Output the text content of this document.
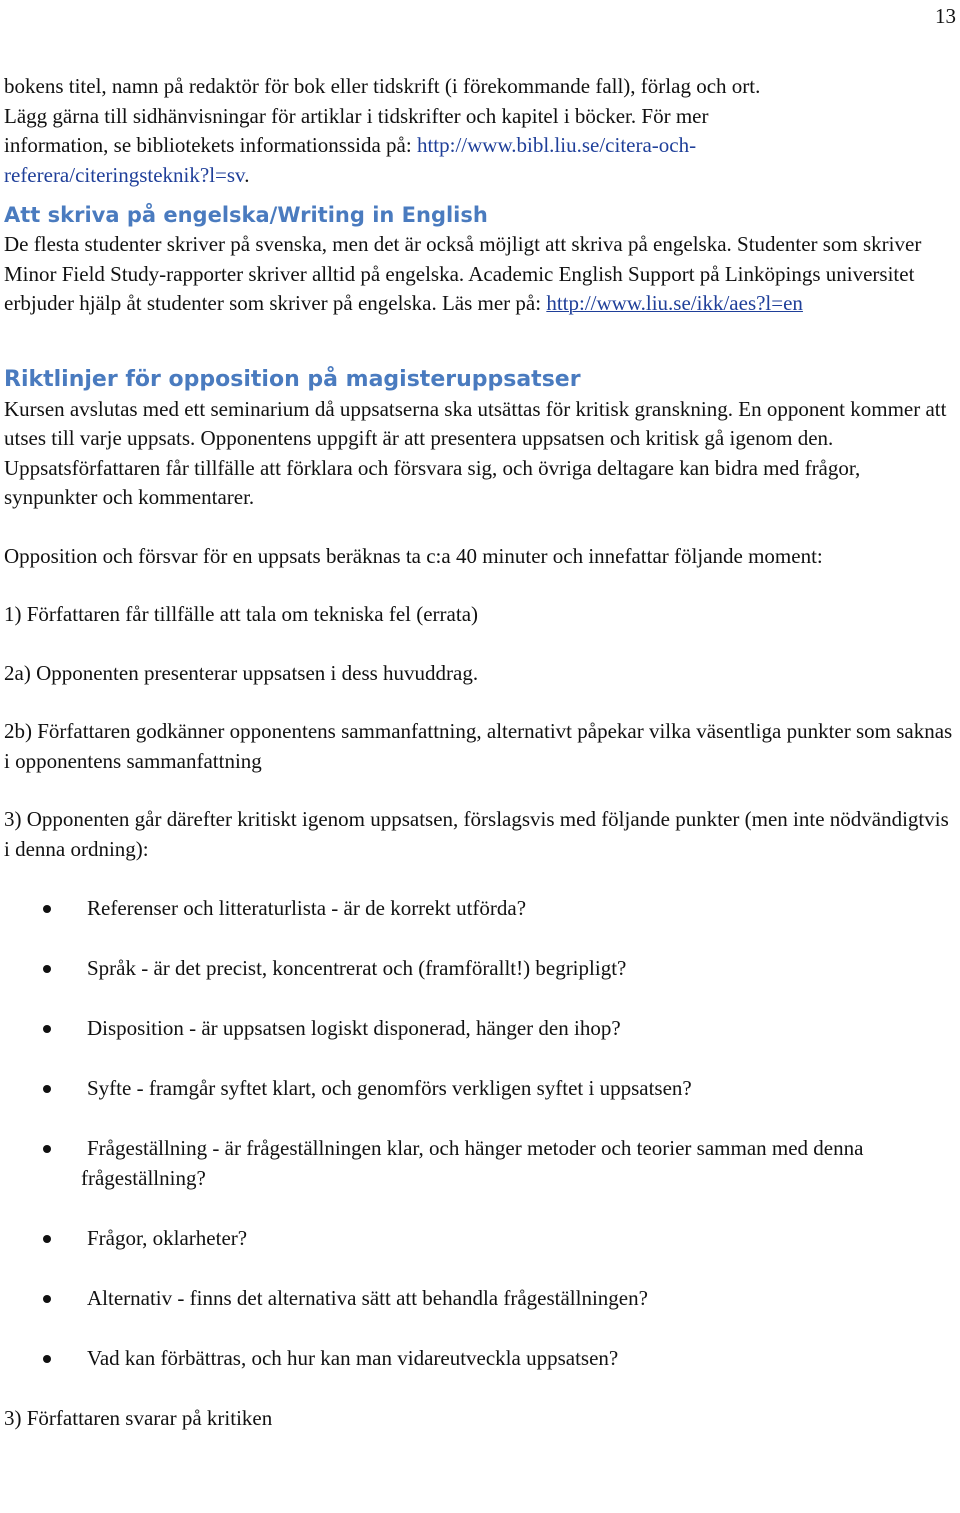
13

bokens titel, namn på redaktör för bok eller tidskrift (i förekommande fall), förlag och ort.
Lägg gärna till sidhänvisningar för artiklar i tidskrifter och kapitel i böcker. För mer
information, se bibliotekets informationssida på: http://www.bibl.liu.se/citera-och-
referera/citeringsteknik?l=sv.

Att skriva på engelska/Writing in English

De flesta studenter skriver på svenska, men det är också möjligt att skriva på engelska. Studenter som skriver Minor Field Study-rapporter skriver alltid på engelska. Academic English Support på Linköpings universitet erbjuder hjälp åt studenter som skriver på engelska. Läs mer på: http://www.liu.se/ikk/aes?l=en

Riktlinjer för opposition på magisteruppsatser

Kursen avslutas med ett seminarium då uppsatserna ska utsättas för kritisk granskning. En opponent kommer att utses till varje uppsats. Opponentens uppgift är att presentera uppsatsen och kritisk gå igenom den. Uppsatsförfattaren får tillfälle att förklara och försvara sig, och övriga deltagare kan bidra med frågor, synpunkter och kommentarer.

Opposition och försvar för en uppsats beräknas ta c:a 40 minuter och innefattar följande moment:

1) Författaren får tillfälle att tala om tekniska fel (errata)

2a) Opponenten presenterar uppsatsen i dess huvuddrag.

2b) Författaren godkänner opponentens sammanfattning, alternativt påpekar vilka väsentliga punkter som saknas i opponentens sammanfattning

3) Opponenten går därefter kritiskt igenom uppsatsen, förslagsvis med följande punkter (men inte nödvändigtvis i denna ordning):

Referenser och litteraturlista - är de korrekt utförda?
Språk - är det precist, koncentrerat och (framförallt!) begripligt?
Disposition - är uppsatsen logiskt disponerad, hänger den ihop?
Syfte - framgår syftet klart, och genomförs verkligen syftet i uppsatsen?
Frågeställning - är frågeställningen klar, och hänger metoder och teorier samman med denna frågeställning?
Frågor, oklarheter?
Alternativ - finns det alternativa sätt att behandla frågeställningen?
Vad kan förbättras, och hur kan man vidareutveckla uppsatsen?

3) Författaren svarar på kritiken
